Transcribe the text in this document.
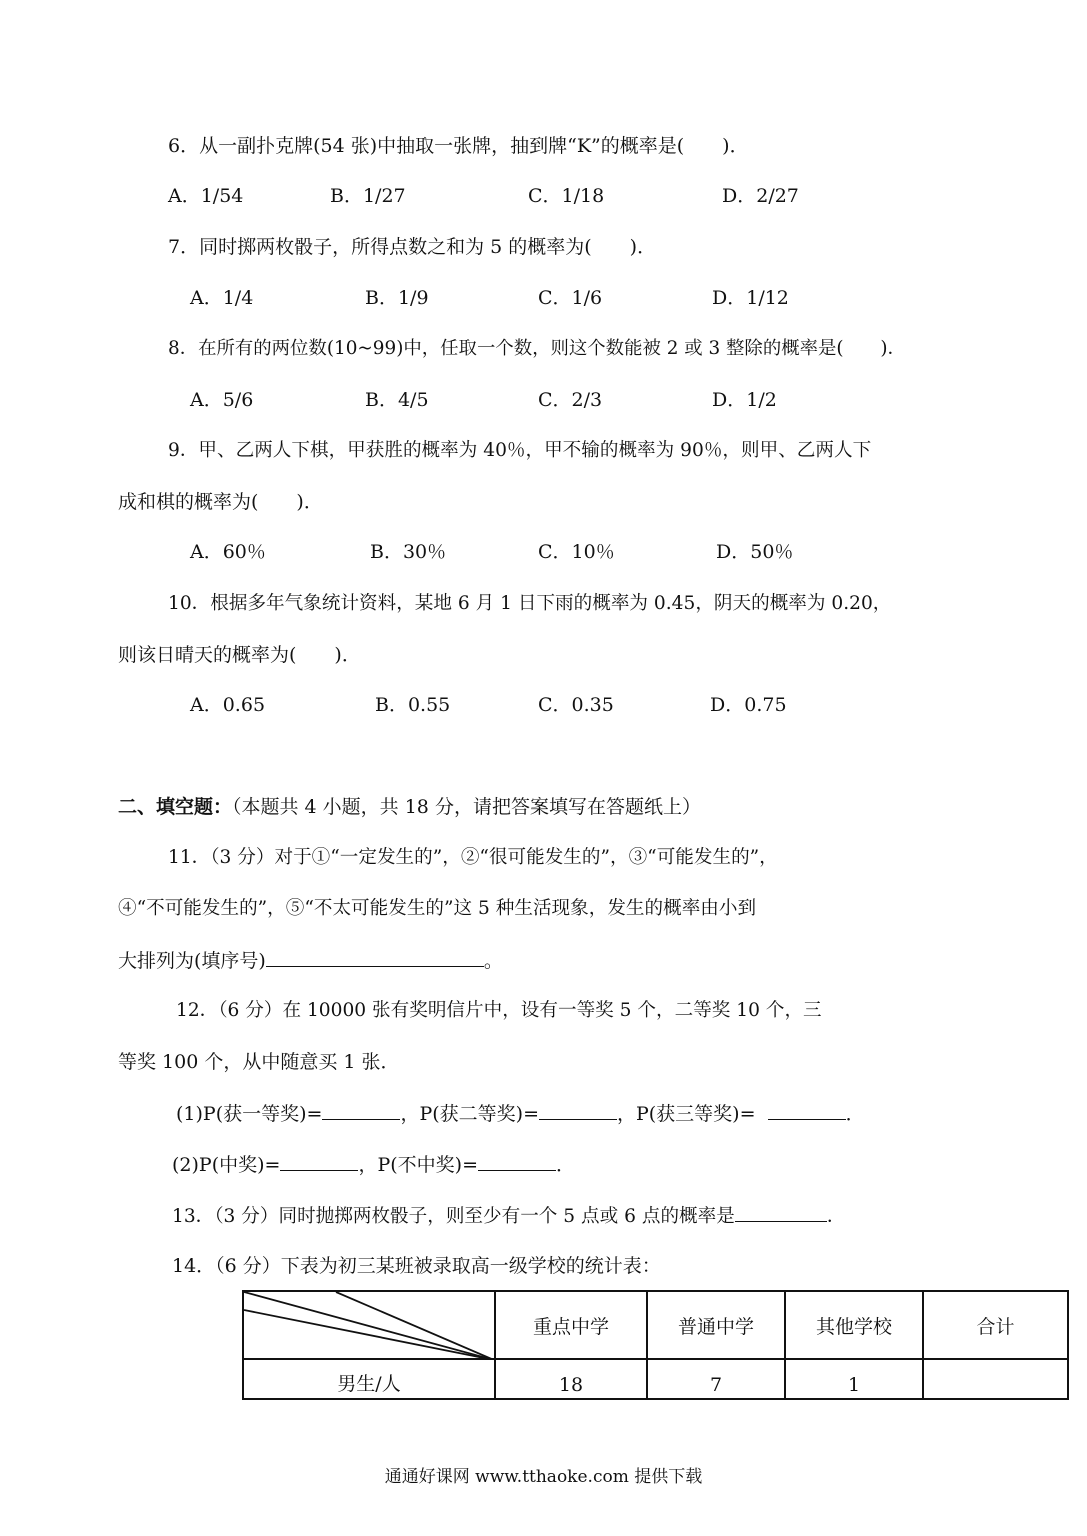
6．从一副扑克牌(54 张)中抽取一张牌，抽到牌“K”的概率是(　　)．
A．1/54	B．1/27	C．1/18	D．2/27
7．同时掷两枚骰子，所得点数之和为 5 的概率为(　　)．
A．1/4	B．1/9	C．1/6	D．1/12
8．在所有的两位数(10~99)中，任取一个数，则这个数能被 2 或 3 整除的概率是(　　)．
A．5/6	B．4/5	C．2/3	D．1/2
9．甲、乙两人下棋，甲获胜的概率为 40％，甲不输的概率为 90％，则甲、乙两人下
成和棋的概率为(　　)．
A．60％	B．30％	C．10％	D．50％
10．根据多年气象统计资料，某地 6 月 1 日下雨的概率为 0.45，阴天的概率为 0.20，
则该日晴天的概率为(　　)．
A．0.65	B．0.55	C．0.35	D．0.75
二、填空题：（本题共 4 小题，共 18 分，请把答案填写在答题纸上）
11．（3 分）对于①“一定发生的”，②“很可能发生的”，③“可能发生的”，
④“不可能发生的”，⑤“不太可能发生的”这 5 种生活现象，发生的概率由小到
大排列为(填序号)	。
12．（6 分）在 10000 张有奖明信片中，设有一等奖 5 个，二等奖 10 个，三
等奖 100 个，从中随意买 1 张．
(1)P(获一等奖)=	，P(获二等奖)=	，P(获三等奖)=	．
(2)P(中奖)=	，P(不中奖)=	．
13．（3 分）同时抛掷两枚骰子，则至少有一个 5 点或 6 点的概率是	．
14．（6 分）下表为初三某班被录取高一级学校的统计表：
	重点中学	普通中学	其他学校	合计
男生/人	18	7	1	
通通好课网 www.tthaoke.com 提供下载
